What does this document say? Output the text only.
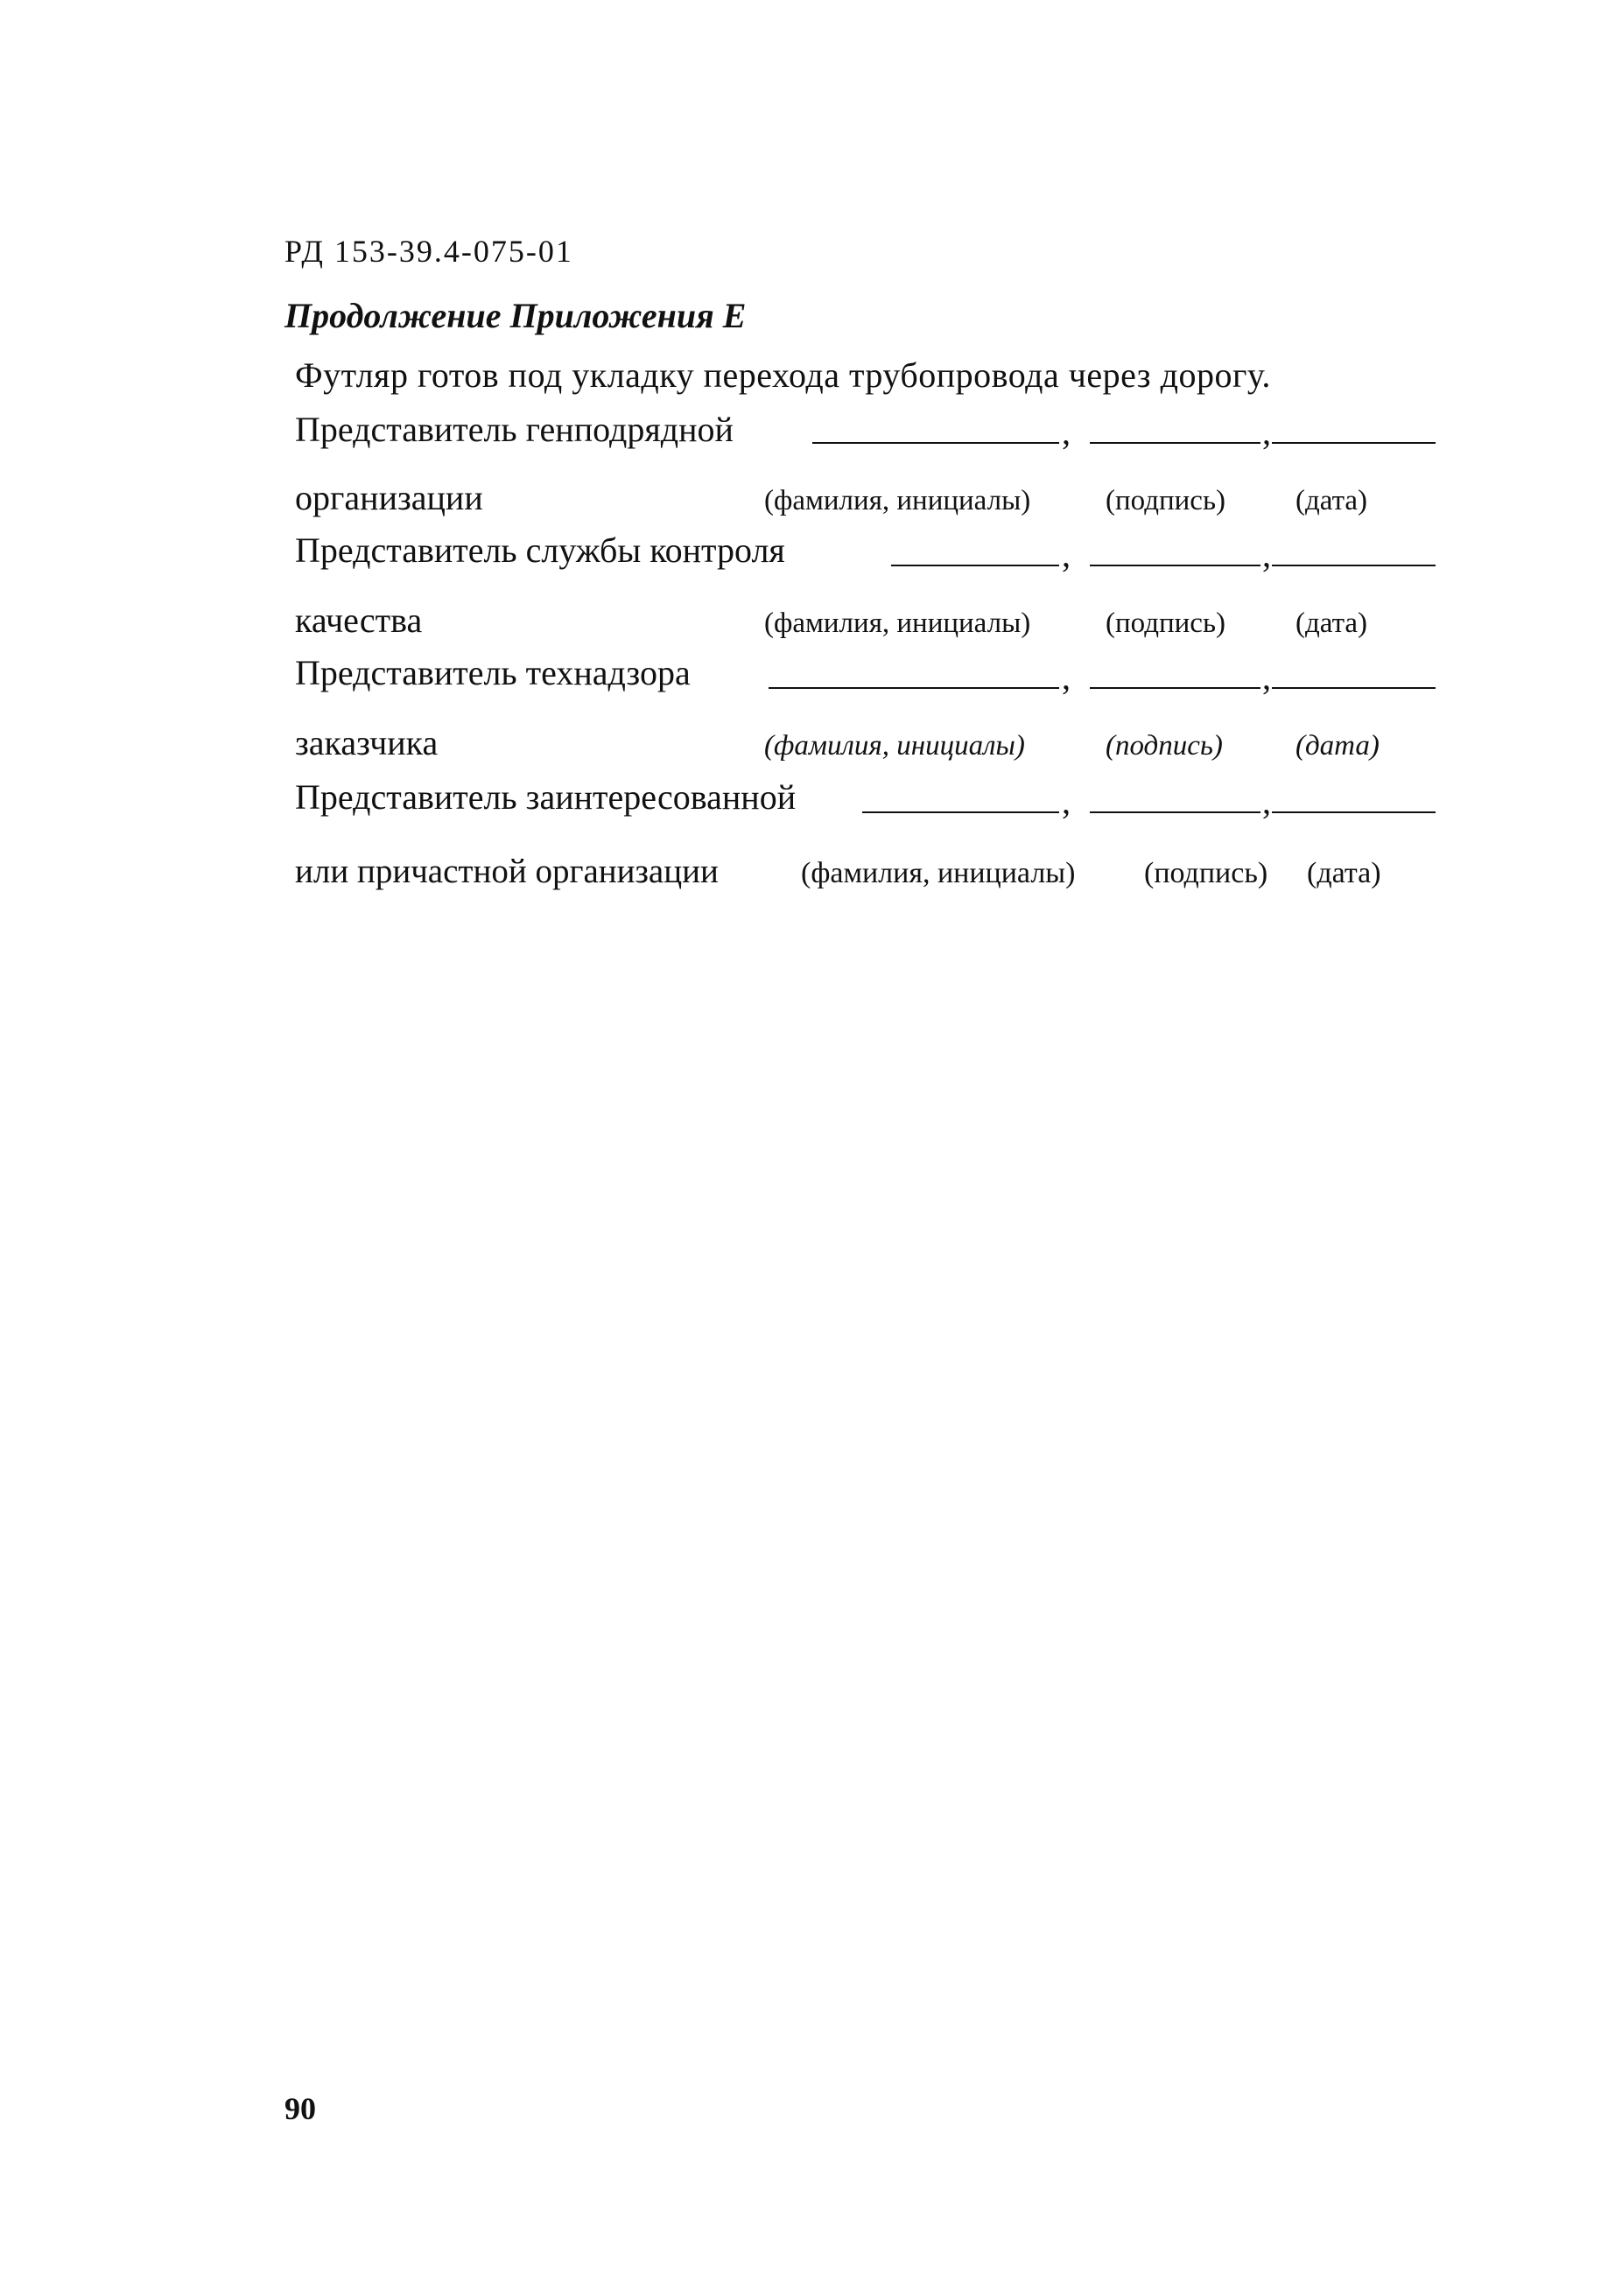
РД 153-39.4-075-01
Продолжение Приложения Е
Футляр готов под укладку перехода трубопровода через дорогу.
Представитель генподрядной	,	,
организации	(фамилия, инициалы)	(подпись) (дата)
Представитель службы контроля	,	,
качества	(фамилия, инициалы)	(подпись) (дата)
Представитель технадзора	,	,
заказчика	(фамилия, инициалы)	(подпись)	(дата)
Представитель заинтересованной	,	,
или причастной организации	(фамилия, инициалы) (подпись) (дата)
90
